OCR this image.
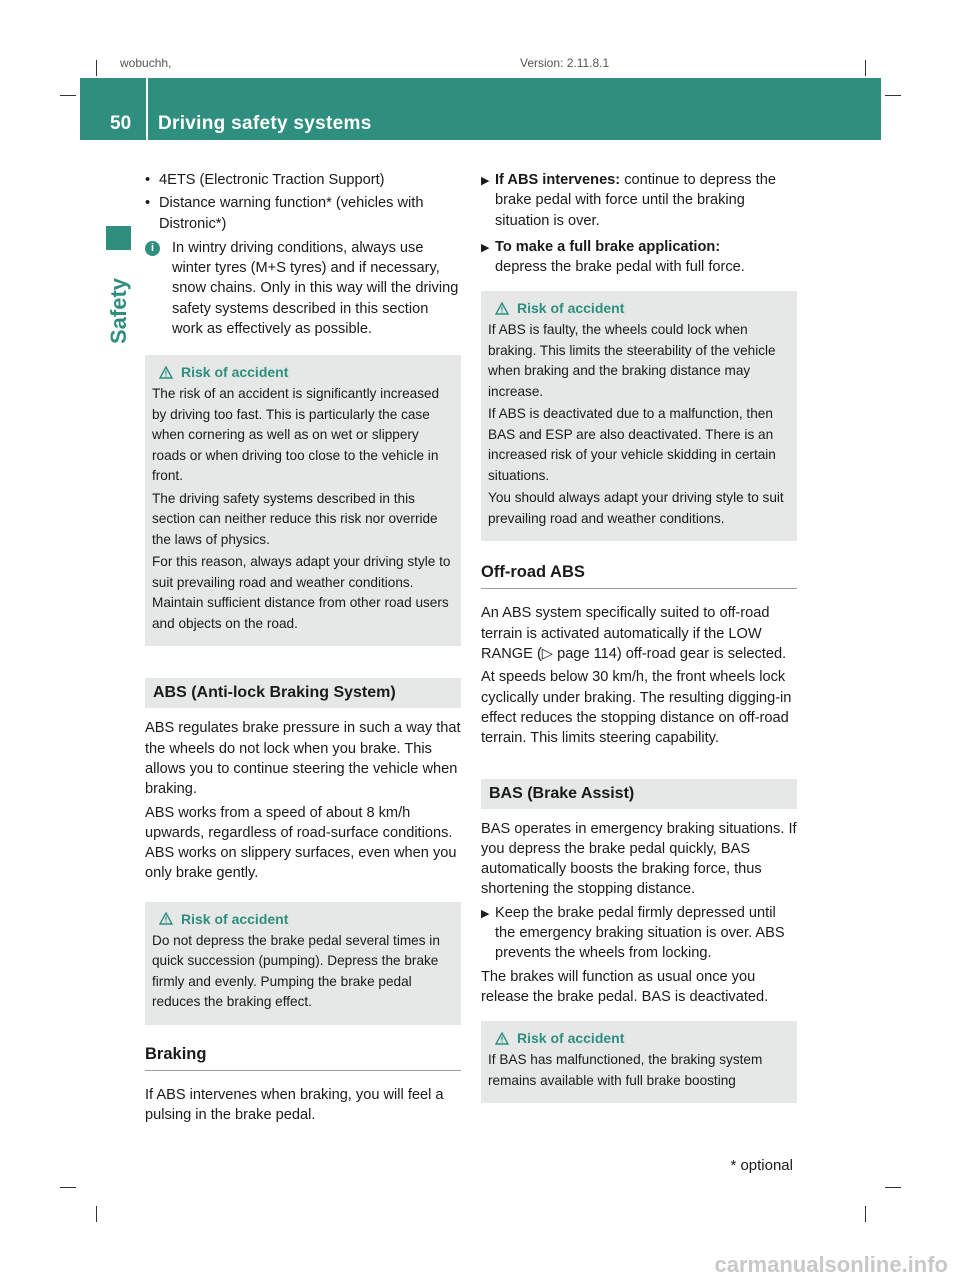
wobuchh,	Version: 2.11.8.1
50 Driving safety systems
Safety
• 4ETS (Electronic Traction Support)
• Distance warning function* (vehicles with Distronic*)
i	In wintry driving conditions, always use winter tyres (M+S tyres) and if necessary, snow chains. Only in this way will the driving safety systems described in this section work as effectively as possible.
Risk of accident

The risk of an accident is significantly increased by driving too fast. This is particularly the case when cornering as well as on wet or slippery roads or when driving too close to the vehicle in front.

The driving safety systems described in this section can neither reduce this risk nor override the laws of physics.

For this reason, always adapt your driving style to suit prevailing road and weather conditions. Maintain sufficient distance from other road users and objects on the road.

ABS (Anti-lock Braking System)

ABS regulates brake pressure in such a way that the wheels do not lock when you brake. This allows you to continue steering the vehicle when braking.

ABS works from a speed of about 8 km/h upwards, regardless of road-surface conditions. ABS works on slippery surfaces, even when you only brake gently.

Risk of accident

Do not depress the brake pedal several times in quick succession (pumping). Depress the brake firmly and evenly. Pumping the brake pedal reduces the braking effect.

Braking

If ABS intervenes when braking, you will feel a pulsing in the brake pedal.

▶ If ABS intervenes: continue to depress the brake pedal with force until the braking situation is over.
▶ To make a full brake application:
depress the brake pedal with full force.
Risk of accident

If ABS is faulty, the wheels could lock when braking. This limits the steerability of the vehicle when braking and the braking distance may increase.

If ABS is deactivated due to a malfunction, then BAS and ESP are also deactivated. There is an increased risk of your vehicle skidding in certain situations.

You should always adapt your driving style to suit prevailing road and weather conditions.

Off-road ABS

An ABS system specifically suited to off-road terrain is activated automatically if the LOW RANGE (▷ page 114) off-road gear is selected.

At speeds below 30 km/h, the front wheels lock cyclically under braking. The resulting digging-in effect reduces the stopping distance on off-road terrain. This limits steering capability.

BAS (Brake Assist)

BAS operates in emergency braking situations. If you depress the brake pedal quickly, BAS automatically boosts the braking force, thus shortening the stopping distance.

▶ Keep the brake pedal firmly depressed until the emergency braking situation is over. ABS prevents the wheels from locking.

The brakes will function as usual once you release the brake pedal. BAS is deactivated.

Risk of accident

If BAS has malfunctioned, the braking system remains available with full brake boosting

* optional
carmanualsonline.info
